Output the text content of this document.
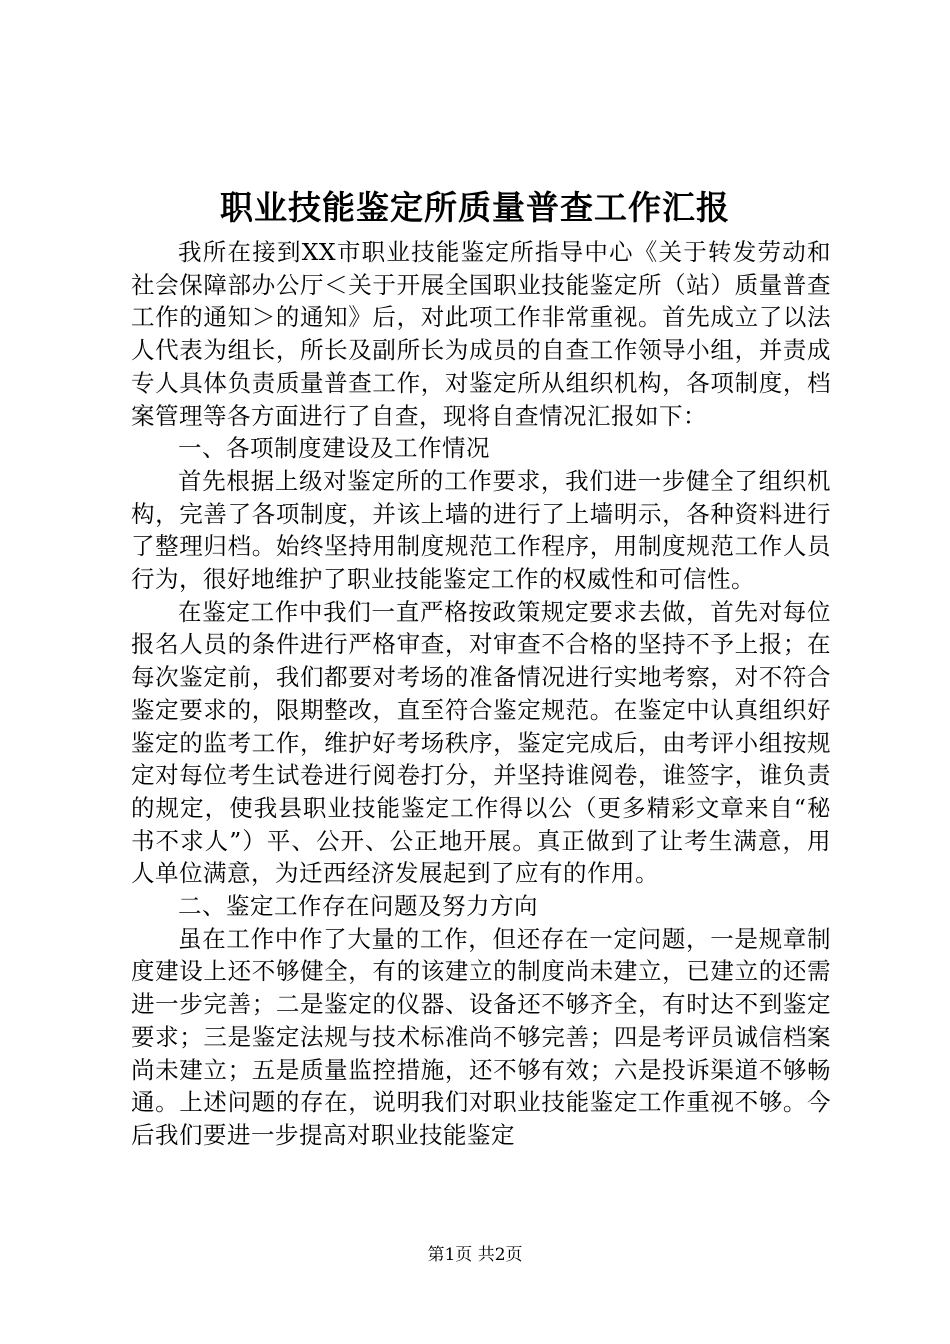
职业技能鉴定所质量普查工作汇报

我所在接到XX市职业技能鉴定所指导中心《关于转发劳动和社会保障部办公厅＜关于开展全国职业技能鉴定所（站）质量普查工作的通知＞的通知》后，对此项工作非常重视。首先成立了以法人代表为组长，所长及副所长为成员的自查工作领导小组，并责成专人具体负责质量普查工作，对鉴定所从组织机构，各项制度，档案管理等各方面进行了自查，现将自查情况汇报如下：

一、各项制度建设及工作情况

首先根据上级对鉴定所的工作要求，我们进一步健全了组织机构，完善了各项制度，并该上墙的进行了上墙明示，各种资料进行了整理归档。始终坚持用制度规范工作程序，用制度规范工作人员行为，很好地维护了职业技能鉴定工作的权威性和可信性。

在鉴定工作中我们一直严格按政策规定要求去做，首先对每位报名人员的条件进行严格审查，对审查不合格的坚持不予上报；在每次鉴定前，我们都要对考场的准备情况进行实地考察，对不符合鉴定要求的，限期整改，直至符合鉴定规范。在鉴定中认真组织好鉴定的监考工作，维护好考场秩序，鉴定完成后，由考评小组按规定对每位考生试卷进行阅卷打分，并坚持谁阅卷，谁签字，谁负责的规定，使我县职业技能鉴定工作得以公（更多精彩文章来自“秘书不求人”）平、公开、公正地开展。真正做到了让考生满意，用人单位满意，为迁西经济发展起到了应有的作用。

二、鉴定工作存在问题及努力方向

虽在工作中作了大量的工作，但还存在一定问题，一是规章制度建设上还不够健全，有的该建立的制度尚未建立，已建立的还需进一步完善；二是鉴定的仪器、设备还不够齐全，有时达不到鉴定要求；三是鉴定法规与技术标准尚不够完善；四是考评员诚信档案尚未建立；五是质量监控措施，还不够有效；六是投诉渠道不够畅通。上述问题的存在，说明我们对职业技能鉴定工作重视不够。今后我们要进一步提高对职业技能鉴定

第1页 共2页
